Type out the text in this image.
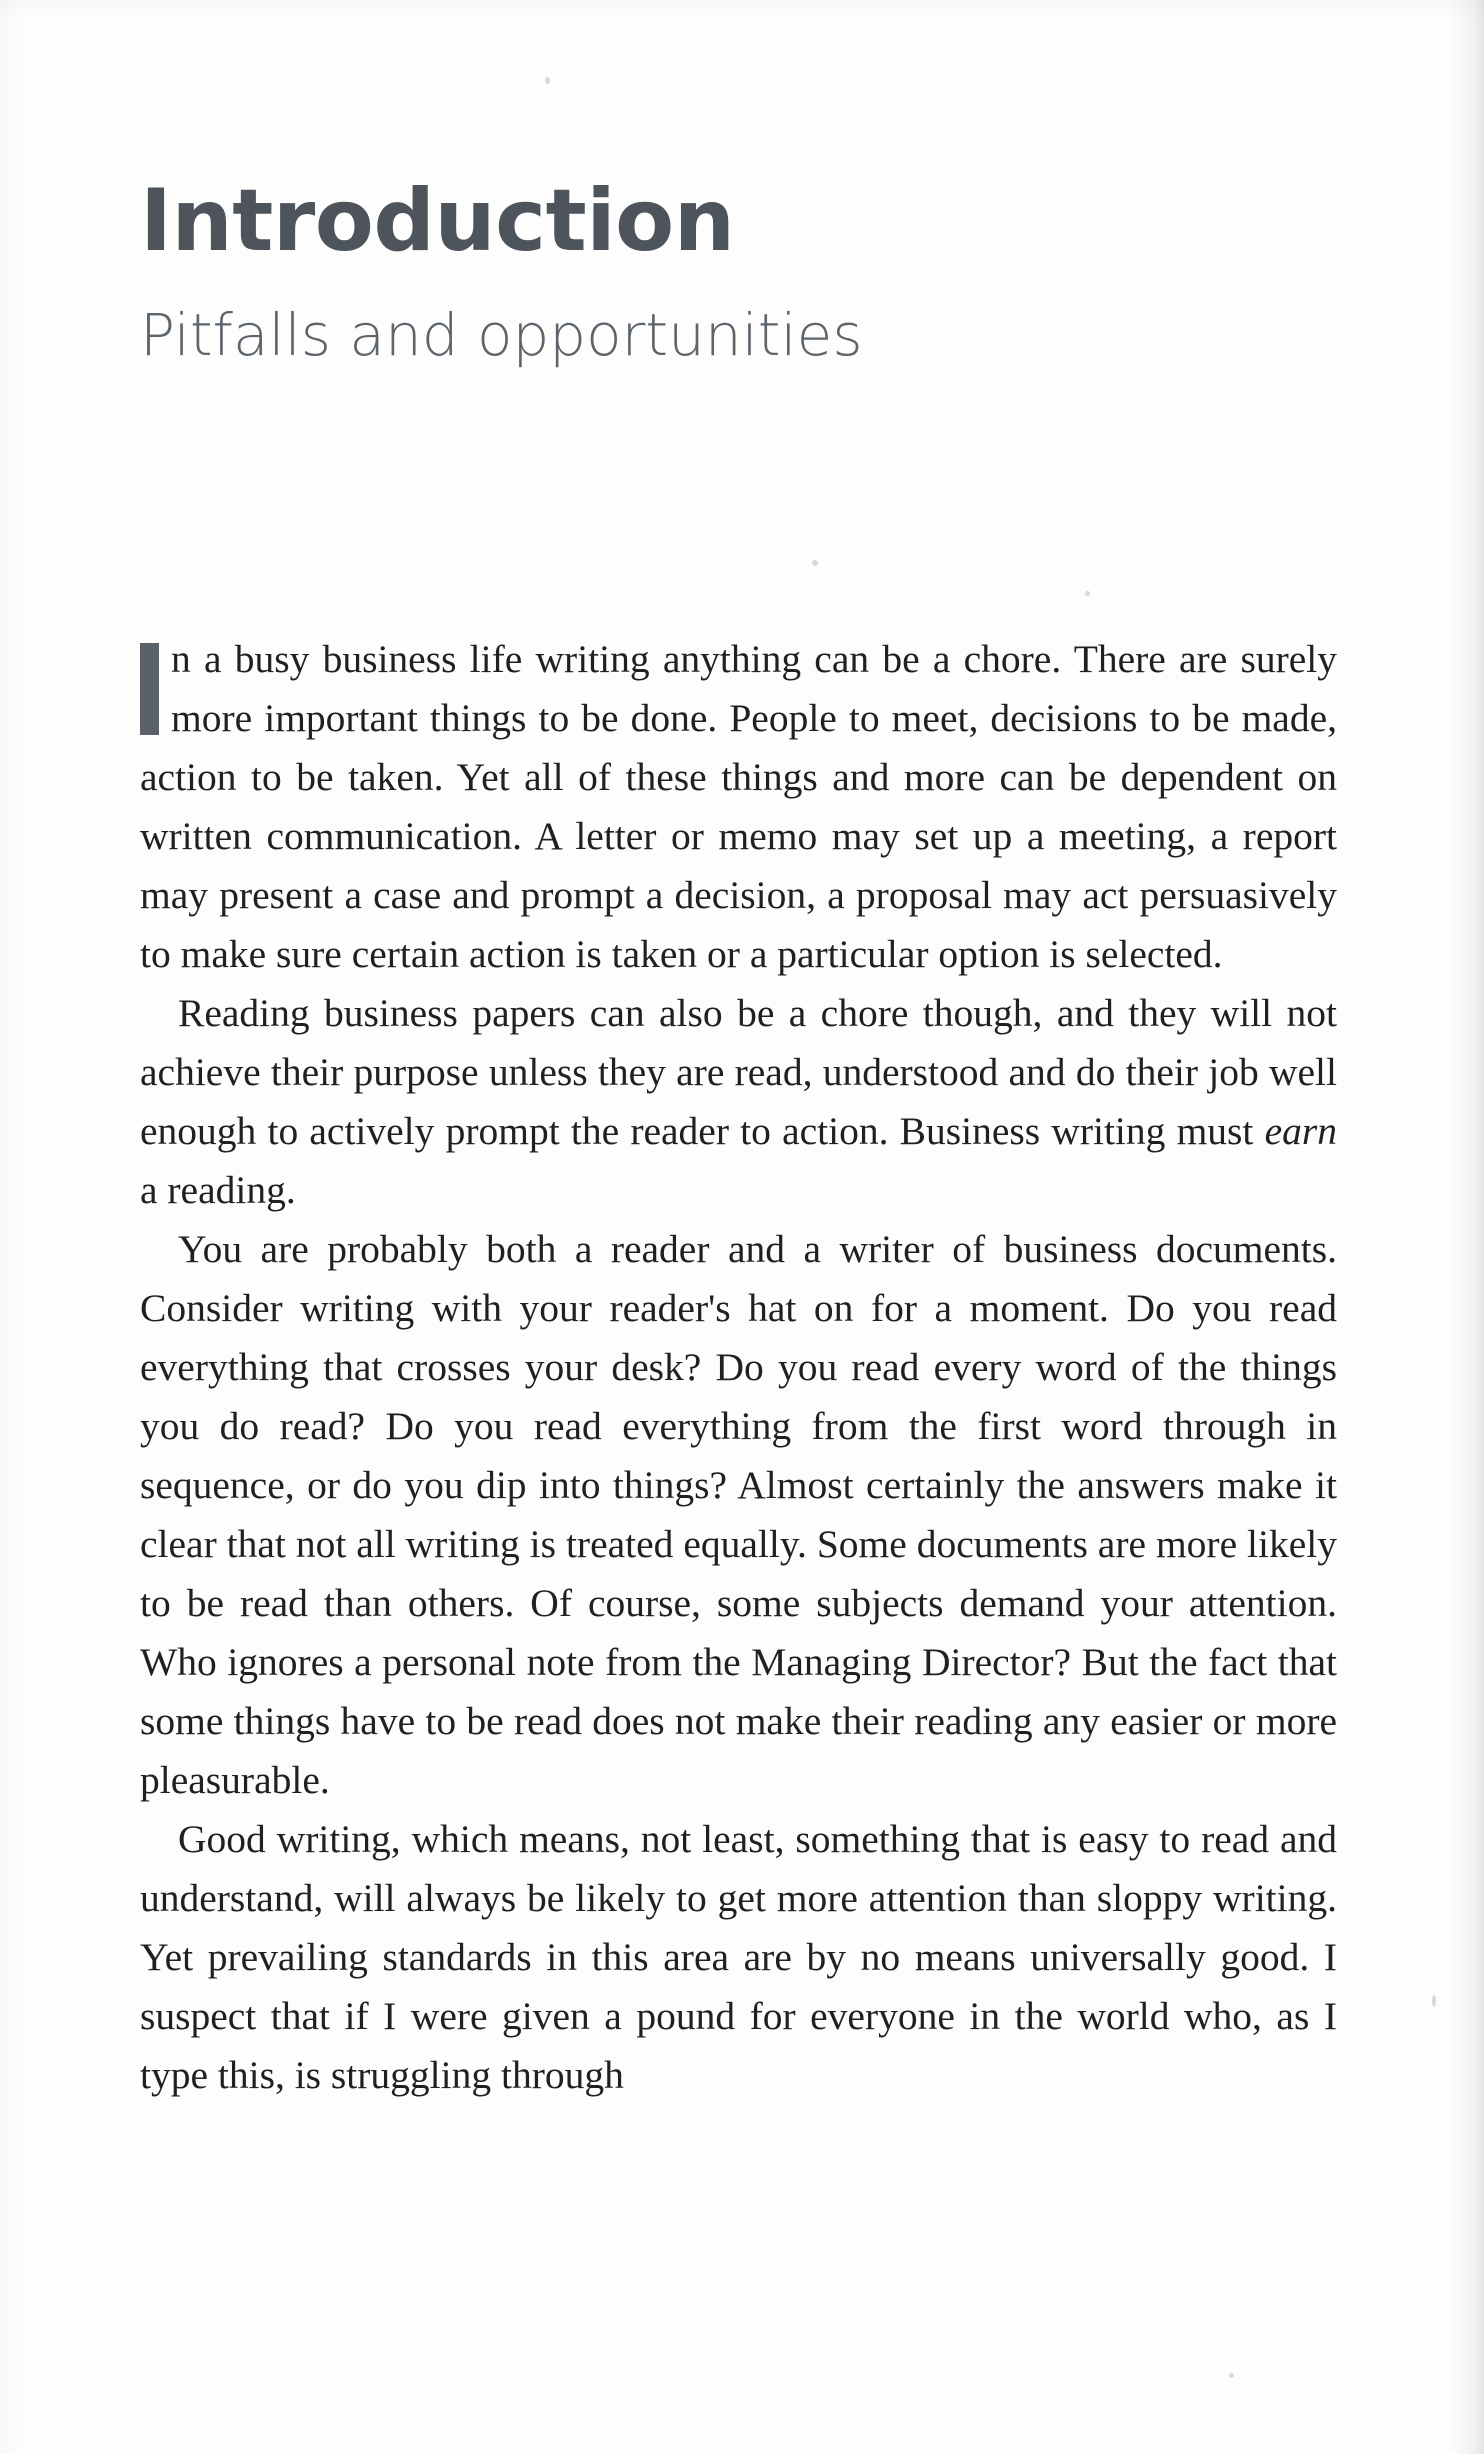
Introduction
Pitfalls and opportunities

n a busy business life writing anything can be a chore. There are surely more important things to be done. People to meet, decisions to be made, action to be taken. Yet all of these things and more can be dependent on written communication. A letter or memo may set up a meeting, a report may present a case and prompt a decision, a proposal may act persuasively to make sure certain action is taken or a particular option is selected.

Reading business papers can also be a chore though, and they will not achieve their purpose unless they are read, understood and do their job well enough to actively prompt the reader to action. Business writing must earn a reading.

You are probably both a reader and a writer of business documents. Consider writing with your reader's hat on for a moment. Do you read everything that crosses your desk? Do you read every word of the things you do read? Do you read everything from the first word through in sequence, or do you dip into things? Almost certainly the answers make it clear that not all writing is treated equally. Some documents are more likely to be read than others. Of course, some subjects demand your attention. Who ignores a personal note from the Managing Director? But the fact that some things have to be read does not make their reading any easier or more pleasurable.

Good writing, which means, not least, something that is easy to read and understand, will always be likely to get more attention than sloppy writing. Yet prevailing standards in this area are by no means universally good. I suspect that if I were given a pound for everyone in the world who, as I type this, is struggling through
